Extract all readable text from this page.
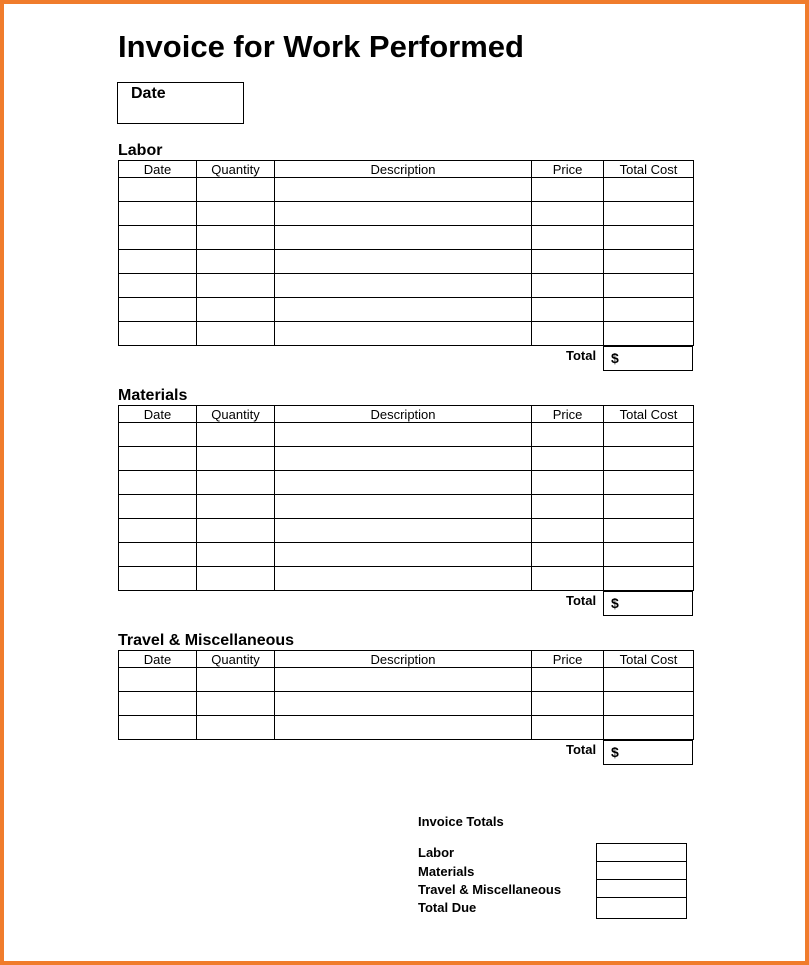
Invoice for Work Performed
Date
Labor
Date	Quantity	Description	Price	Total Cost

Total $
Materials
Date	Quantity	Description	Price	Total Cost

Total $
Travel & Miscellaneous
Date	Quantity	Description	Price	Total Cost

Total $
Invoice Totals
Labor
Materials
Travel & Miscellaneous
Total Due
